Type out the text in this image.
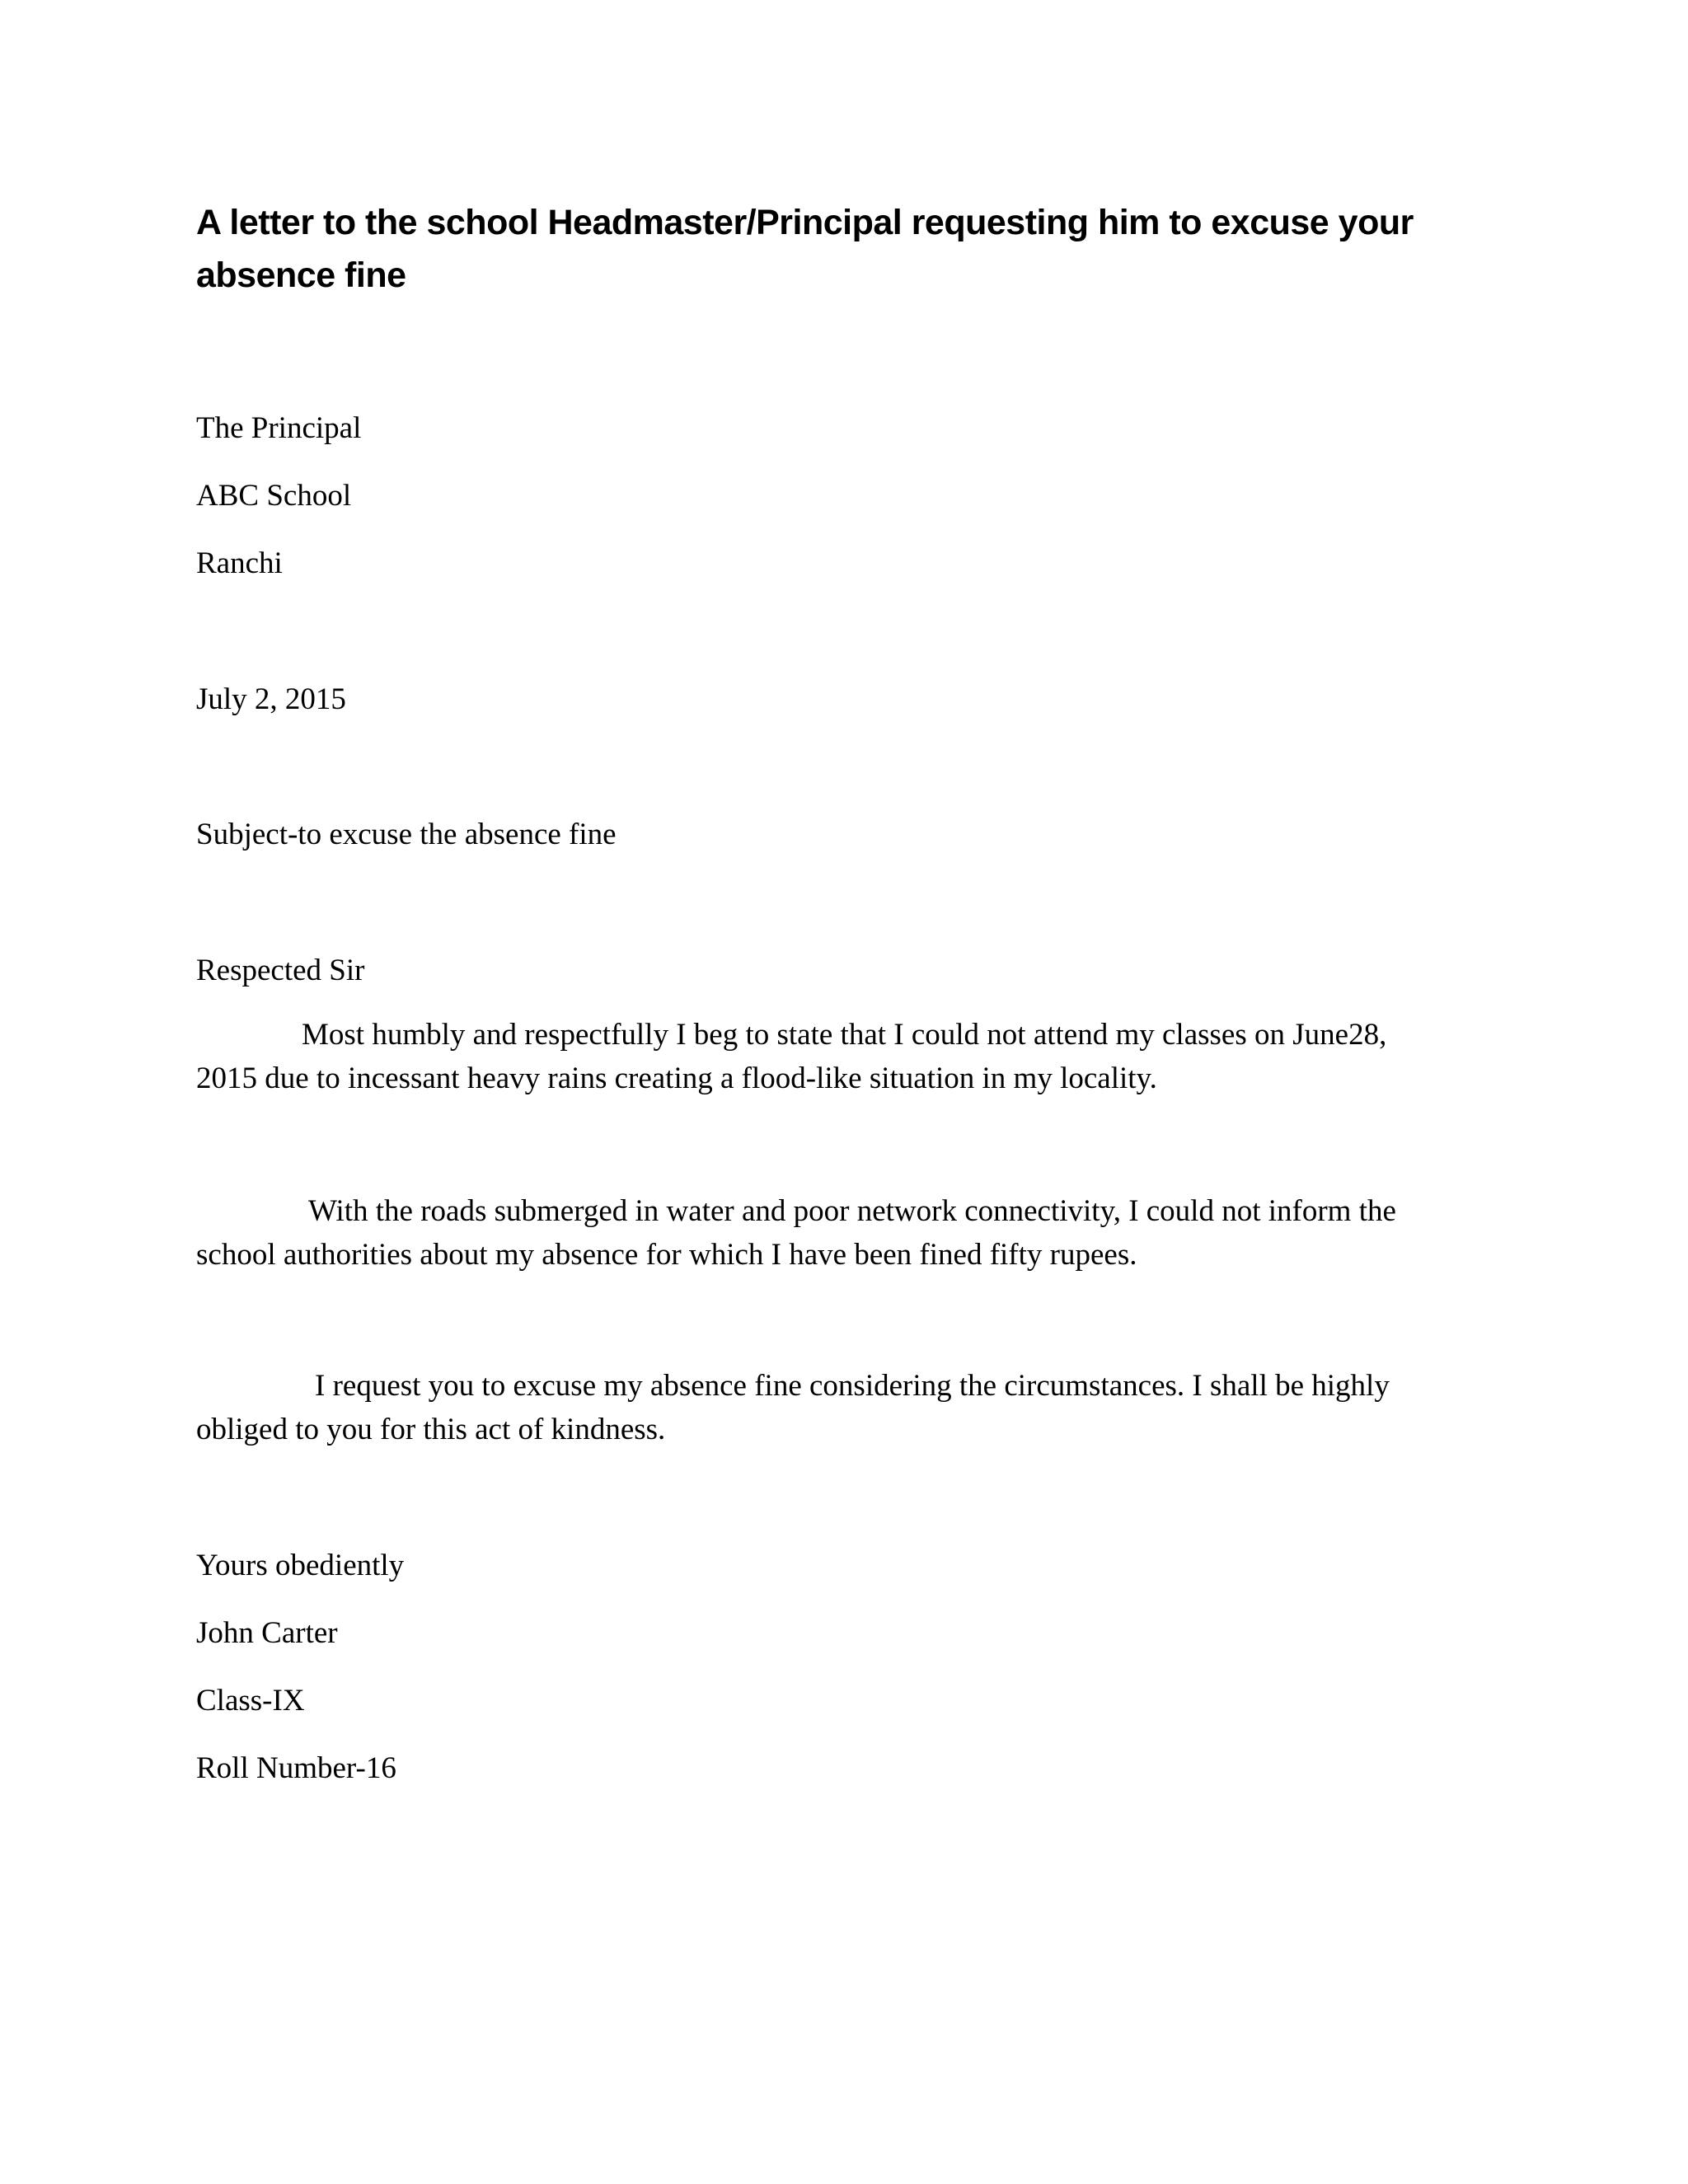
A letter to the school Headmaster/Principal requesting him to excuse your
absence fine

The Principal

ABC School

Ranchi

July 2, 2015

Subject-to excuse the absence fine

Respected Sir

Most humbly and respectfully I beg to state that I could not attend my classes on June28,
2015 due to incessant heavy rains creating a flood-like situation in my locality.

With the roads submerged in water and poor network connectivity, I could not inform the
school authorities about my absence for which I have been fined fifty rupees.

I request you to excuse my absence fine considering the circumstances. I shall be highly
obliged to you for this act of kindness.

Yours obediently

John Carter

Class-IX

Roll Number-16
